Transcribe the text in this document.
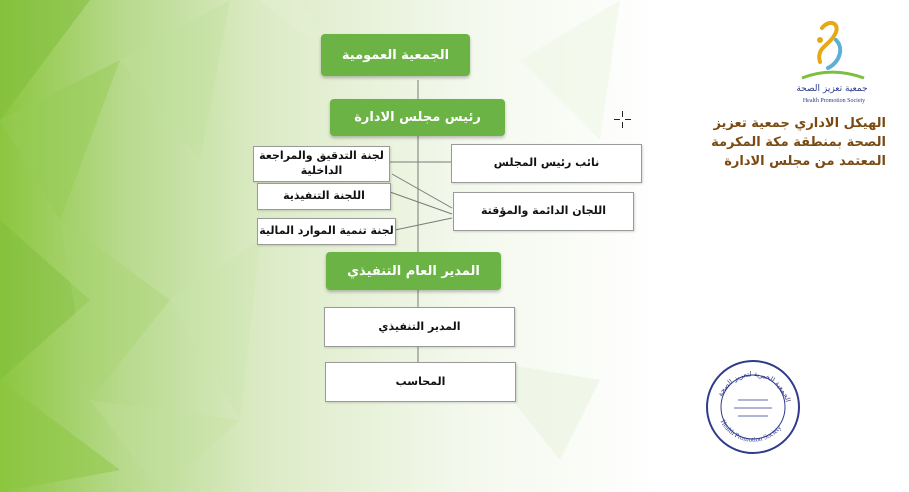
الجمعية العمومية
رئيس مجلس الادارة
لجنة التدقيق والمراجعة الداخلية
اللجنة التنفيذية
لجنة تنمية الموارد المالية
نائب رئيس المجلس
اللجان الدائمة والمؤقتة
المدير العام التنفيذي
المدير التنفيذي
المحاسب
جمعية تعزيز الصحة
Health Promotion Society
الهيكل الاداري جمعية تعزيز الصحة بمنطقة مكة المكرمة المعتمد من مجلس الادارة
Health Promotion Society
الجمعية الخيرية لتعزيز الصحة
